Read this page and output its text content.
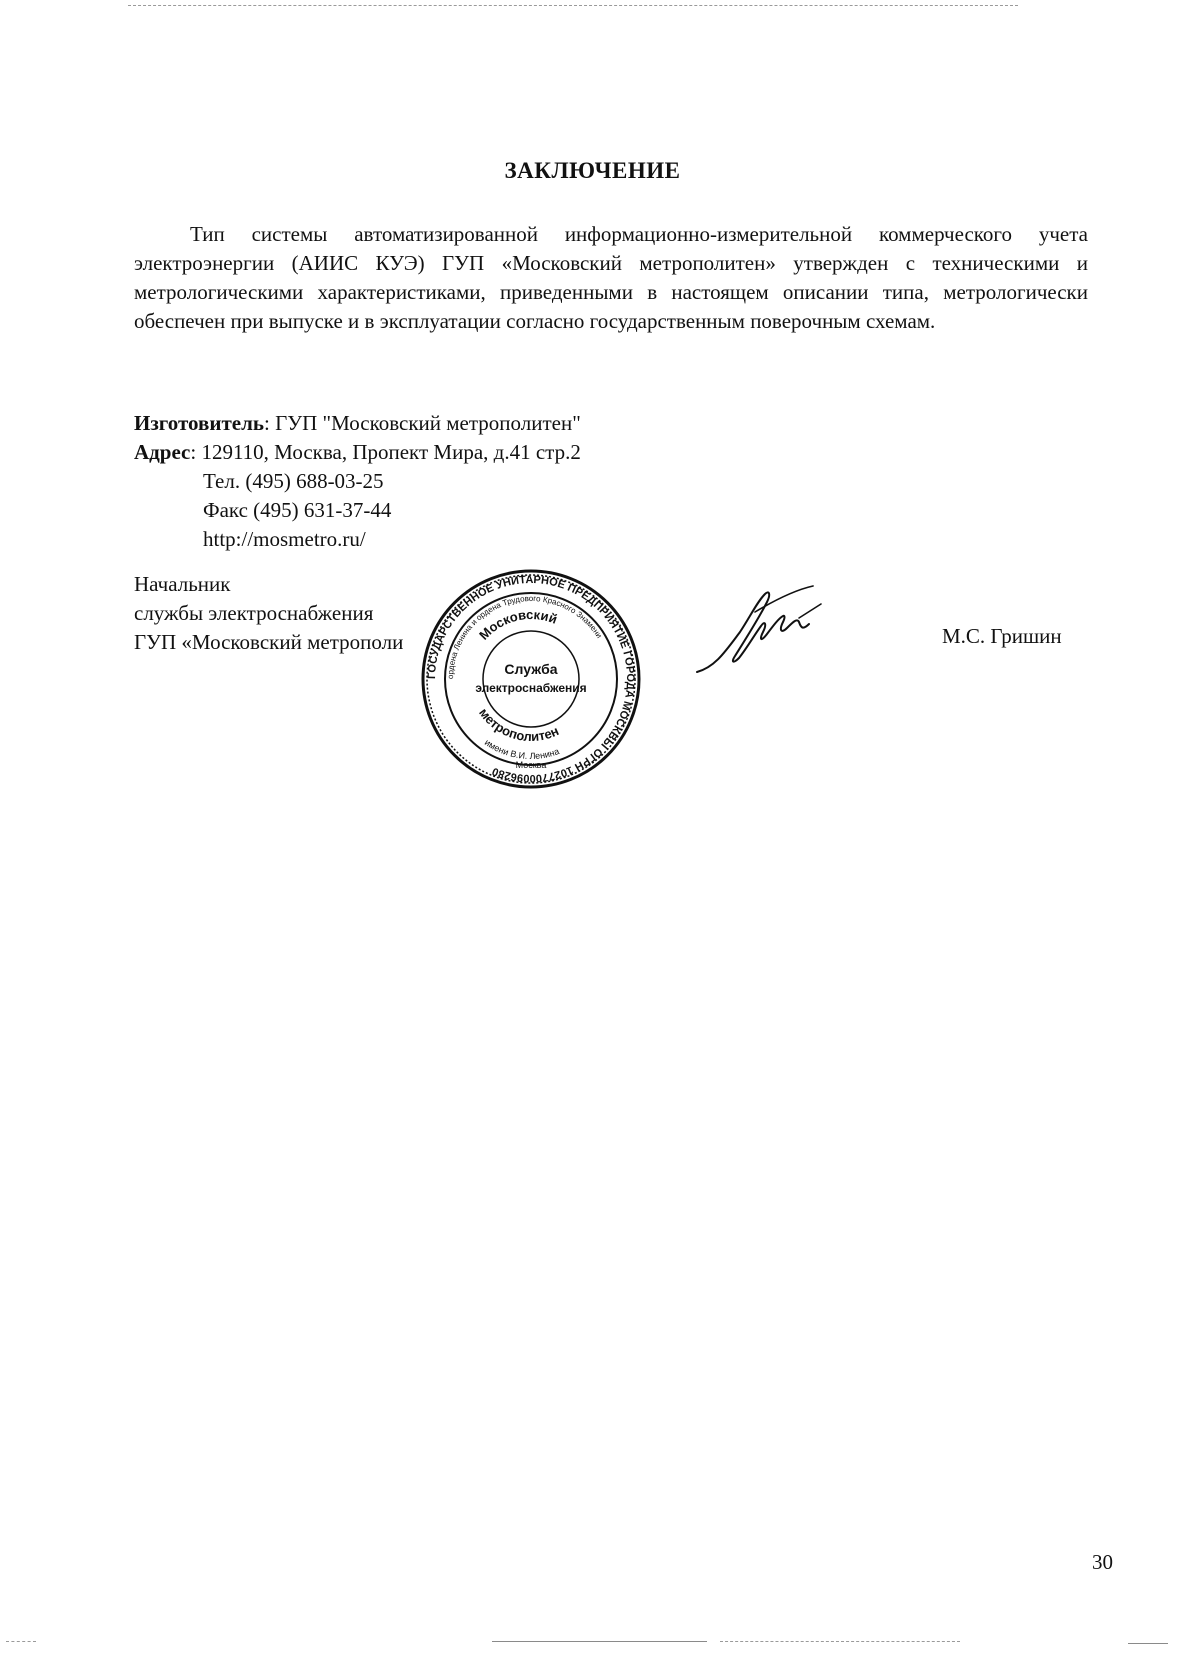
ЗАКЛЮЧЕНИЕ
Тип системы автоматизированной информационно-измерительной коммерческого учета электроэнергии (АИИС КУЭ) ГУП «Московский метрополитен» утвержден с техническими и метрологическими характеристиками, приведенными в настоящем описании типа, метрологически обеспечен при выпуске и в эксплуатации согласно государственным поверочным схемам.
Изготовитель: ГУП "Московский метрополитен"
Адрес: 129110, Москва, Пропект Мира, д.41 стр.2
Тел. (495) 688-03-25
Факс (495) 631-37-44
http://mosmetro.ru/
Начальник
службы электроснабжения
ГУП «Московский метрополи
ГОСУДАРСТВЕННОЕ УНИТАРНОЕ ПРЕДПРИЯТИЕ ГОРОДА МОСКВЫ ОГРН 1027700096280
ордена Ленина и ордена Трудового Красного Знамени
Московский
метрополитен
имени В.И. Ленина
Служба
электроснабжения
Москва
М.С. Гришин
30
